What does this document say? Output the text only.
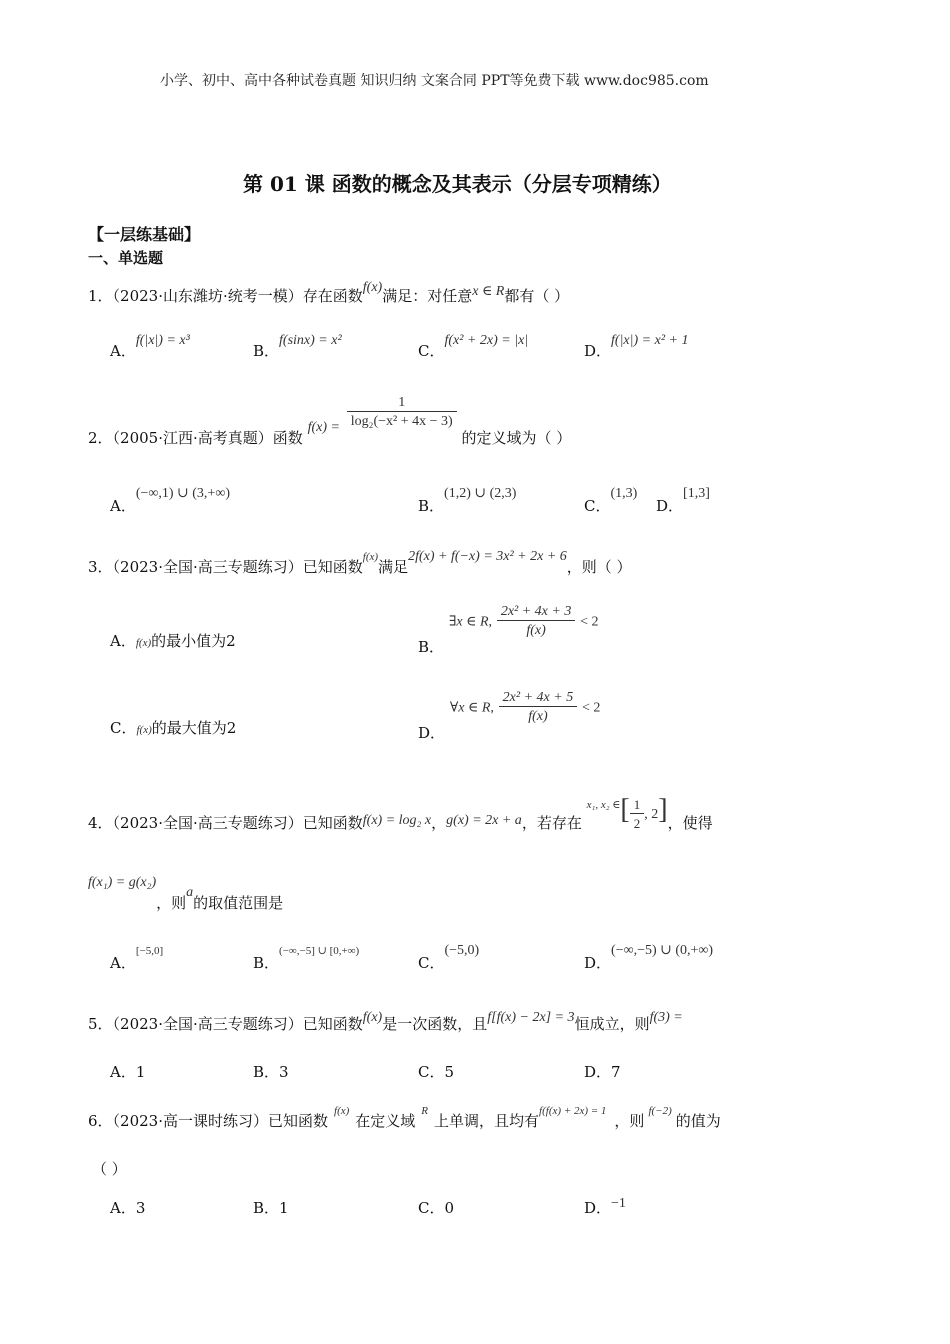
小学、初中、高中各种试卷真题 知识归纳 文案合同 PPT等免费下载 www.doc985.com
第 01 课 函数的概念及其表示（分层专项精练）
【一层练基础】
一、单选题
1．（2023·山东潍坊·统考一模）存在函数f(x)满足：对任意x ∈ R都有（ ）
A．f(|x|) = x³
B．f(sinx) = x²
C．f(x² + 2x) = |x|
D．f(|x|) = x² + 1
2．（2005·江西·高考真题）函数 $f(x) = \frac{1}{\text{log₂(−x² + 4x − 3)}}$
的定义域为（ ）
A．(−∞,1) ∪ (3,+∞)
B．(1,2) ∪ (2,3)
C．(1,3)
D．[1,3]
3．（2023·全国·高三专题练习）已知函数$^{f(x)}$满足2f(x) + f(−x) = 3x² + 2x + 6，则（ ）
A．f(x)的最小值为2	B． ∃x ∈ R, $\frac{\text{2x² + 4x + 3}}{f(x)} < 2$
C．f(x)的最大值为2	D． ∀x ∈ R, $\frac{\text{2x² + 4x + 5}}{f(x)} < 2$
4．（2023·全国·高三专题练习）已知函数f(x) = log₂ x，g(x) = 2x + a，若存在 $_{x_1, x_2 \in}[ \frac{1}{2}$ , 2]，使得
f(x₁) = g(x₂)，则a的取值范围是
A．[−5,0]
B．$^{(-\infty,-5] \cup [0,+\infty)}$
C．(−5,0)
D．(−∞,−5) ∪ (0,+∞)
5．（2023·全国·高三专题练习）已知函数f(x)是一次函数，且f[f(x) − 2x] = 3恒成立，则f(3) =
A．1	B．3	C．5	D．7
6．（2023·高一课时练习）已知函数$^{f(x)}$在定义域$^R$上单调，且均有$^{f(f(x) + 2x) = 1}$，则$^{f(-2)}$的值为
（ ）
A．3	B．1	C．0	D．−1
